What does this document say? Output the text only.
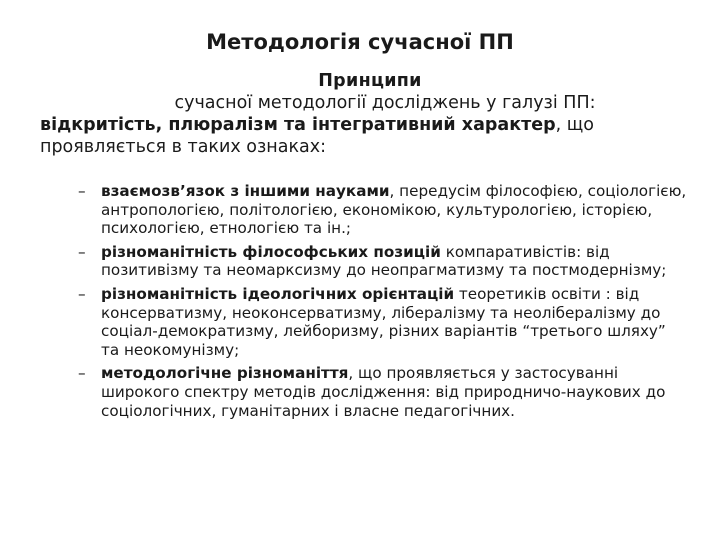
Методологія сучасної ПП
Принципи
сучасної методології досліджень у галузі ПП:
відкритість, плюралізм та інтегративний характер, що проявляється в таких ознаках:
– взаємозв’язок з іншими науками, передусім філософією, соціологією, антропологією, політологією, економікою, культурологією, історією, психологією, етнологією та ін.;
– різноманітність філософських позицій компаративістів: від позитивізму та неомарксизму до неопрагматизму та постмодернізму;
– різноманітність ідеологічних орієнтацій теоретиків освіти : від консерватизму, неоконсерватизму, лібералізму та неолібералізму до соціал-демократизму, лейборизму, різних варіантів “третього шляху” та неокомунізму;
– методологічне різноманіття, що проявляється у застосуванні широкого спектру методів дослідження: від природничо-наукових до соціологічних, гуманітарних і власне педагогічних.
